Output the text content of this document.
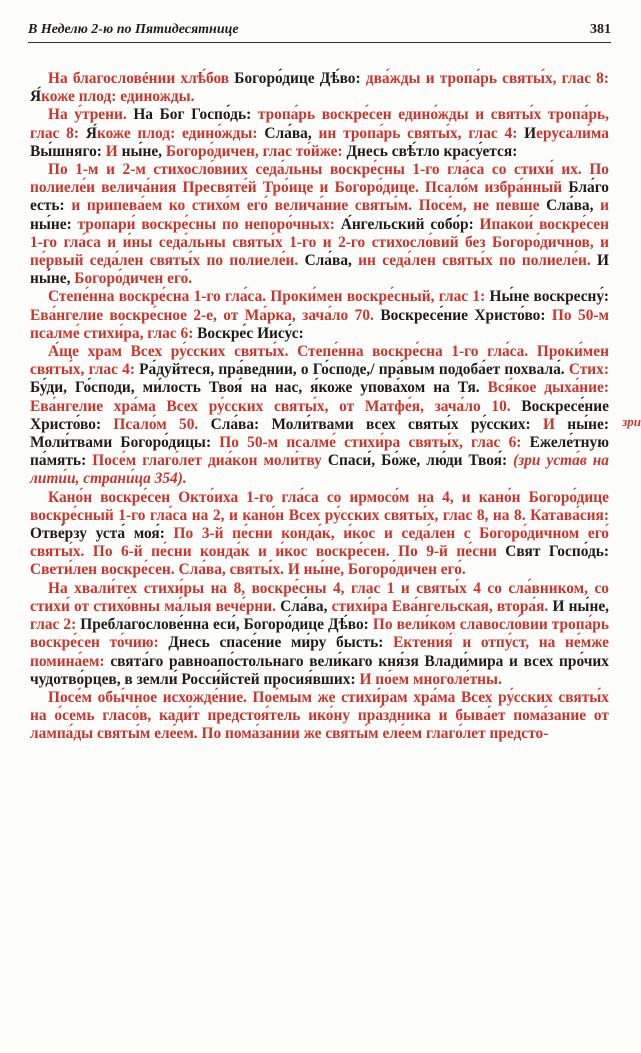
В Неделю 2-ю по Пятидесятнице	381

На благословéнии хлѣ́бов Богоро́дице Дѣ́во: два́жды и тропа́рь святы́х, глас 8: Я́коже плод: единожды.

На у́трени. На Бог Госпо́дь: тропа́рь воскре́сен едино́жды и святы́х тропа́рь, глас 8: Я́коже плод: едино́жды: Сла́ва, ин тропа́рь святы́х, глас 4: Иерусали́ма Вы́шняго: И ны́не, Богоро́дичен, глас то́йже: Днесь свѣ́тло красу́ется:

По 1-м и 2-м стихосло́виих седа́льны воскре́сны 1-го гла́са со стихи́ их. По полиеле́и велича́ния Пресвяте́й Тро́ице и Богоро́дице. Псало́м избра́нный Бла́го есть: и припева́ем ко стихо́м его́ велича́ние святы́м. Посе́м, не пе́вше Сла́ва, и ны́не: тропари́ воскре́сны по непоро́чных: А́нгельский собо́р: Ипакои́ воскре́сен 1-го гла́са и и́ны седа́льны святы́х 1-го и 2-го стихосло́вий без Богоро́дичнов, и пе́рвый седа́лен святы́х по полиеле́и. Сла́ва, ин седа́лен святы́х по полиеле́и. И ны́не, Богоро́дичен его́.

Степе́нна воскре́сна 1-го гла́са. Проки́мен воскре́сный, глас 1: Ны́не воскресну́: Ева́нгелие воскре́сное 2-е, от Ма́рка, зача́ло 70. Воскресе́ние Христо́во: По 50-м псалме́ стихи́ра, глас 6: Воскре́с Иису́с:

А́ще храм Всех ру́сских святы́х. Степе́нна воскре́сна 1-го гла́са. Проки́мен святы́х, глас 4: Ра́дуйтеся, пра́веднии, о Го́споде,/ пра́вым подоба́ет похвала́. Стих: Бу́ди, Го́споди, ми́лость Твоя́ на нас, я́коже упова́хом на Тя. Вся́кое дыха́ние: Ева́нгелие хра́ма Всех ру́сских святы́х, от Матфе́я, зача́ло 10. Воскресе́ние Христо́во: Псало́м 50. Сла́ва: Моли́твами всех святы́х ру́сских: И ны́не: Моли́твами Богоро́дицы: По 50-м псалме́ стихи́ра святы́х, глас 6: Ежеле́тную па́мять: Посе́м глаго́лет диа́кон моли́тву Спаси́, Бо́же, лю́ди Твоя́: (зри уста́в на лити́и, страни́ца 354).

Кано́н воскре́сен Окто́иха 1-го гла́са со ирмосо́м на 4, и кано́н Богоро́дице воскре́сный 1-го гла́са на 2, и кано́н Всех ру́сских святы́х, глас 8, на 8. Катава́сия: Отве́рзу уста́ моя́: По 3-й пе́сни конда́к, и́кос и седа́лен с Богоро́дичном его́ святы́х. По 6-й пе́сни конда́к и и́кос воскре́сен. По 9-й пе́сни Свят Госпо́дь: Свети́лен воскре́сен. Сла́ва, святы́х. И ны́не, Богоро́дичен его́.

На хвали́тех стихи́ры на 8, воскре́сны 4, глас 1 и святы́х 4 со сла́вником, со стихи́ от стихо́вны ма́лыя вече́рни. Сла́ва, стихи́ра Ева́нгельская, втора́я. И ны́не, глас 2: Преблагослове́нна еси́, Богоро́дице Дѣ́во: По вели́ком славосло́вии тропа́рь воскре́сен то́чию: Днесь спасе́ние ми́ру бысть: Ектения́ и отпу́ст, на не́мже помина́ем: свята́го равноапо́стольнаго вели́каго кня́зя Влади́мира и всех про́чих чудотво́рцев, в земли́ Росси́йстей просия́вших: И по́ем многоле́тны.

Посе́м обы́чное исхожде́ние. Пое́мым же стихи́рам хра́ма Всех ру́сских святы́х на о́семь гласо́в, кади́т предстоя́тель ико́ну пра́здника и быва́ет пома́зание от лампа́ды святы́м еле́ем. По пома́зании же святы́м еле́ем глаго́лет предсто-

зри
